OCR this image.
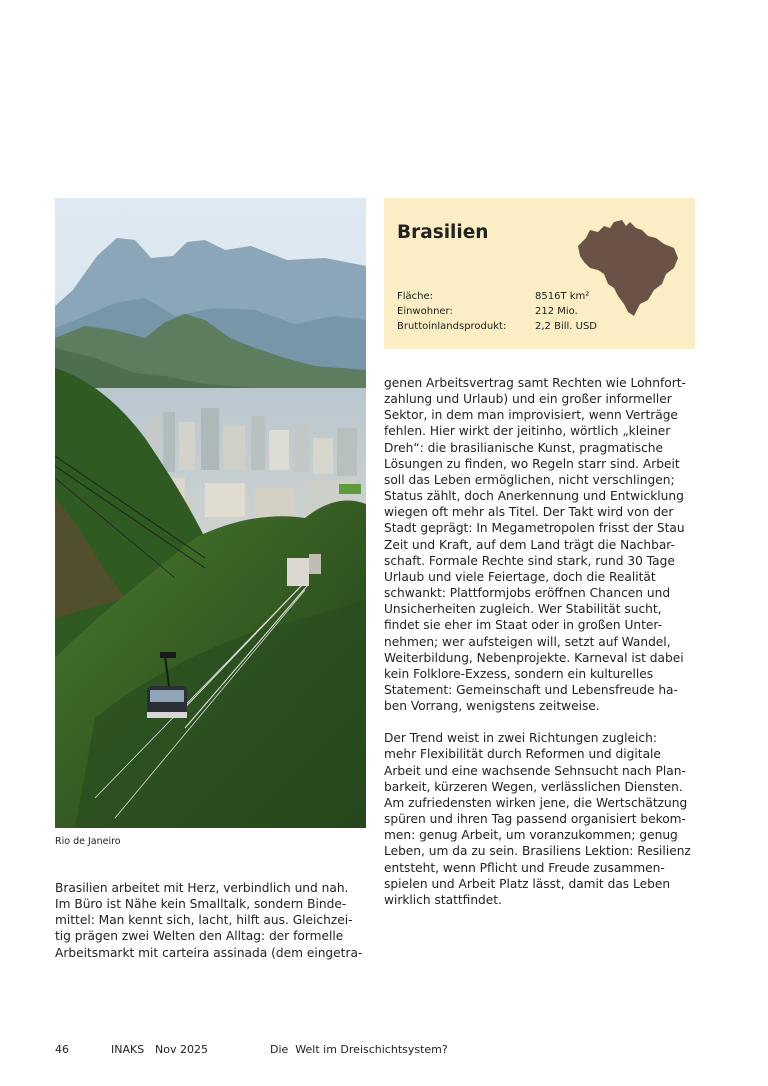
Rio de Janeiro
Brasilien
Fläche:	8516T km²
Einwohner:	212 Mio.
Bruttoinlandsprodukt:	2,2 Bill. USD
Brasilien arbeitet mit Herz, verbindlich und nah.
Im Büro ist Nähe kein Smalltalk, sondern Binde-
mittel: Man kennt sich, lacht, hilft aus. Gleichzei-
tig prägen zwei Welten den Alltag: der formelle
Arbeitsmarkt mit carteira assinada (dem eingetra-
genen Arbeitsvertrag samt Rechten wie Lohnfort-
zahlung und Urlaub) und ein großer informeller
Sektor, in dem man improvisiert, wenn Verträge
fehlen. Hier wirkt der jeitinho, wörtlich „kleiner
Dreh“: die brasilianische Kunst, pragmatische
Lösungen zu finden, wo Regeln starr sind. Arbeit
soll das Leben ermöglichen, nicht verschlingen;
Status zählt, doch Anerkennung und Entwicklung
wiegen oft mehr als Titel. Der Takt wird von der
Stadt geprägt: In Megametropolen frisst der Stau
Zeit und Kraft, auf dem Land trägt die Nachbar-
schaft. Formale Rechte sind stark, rund 30 Tage
Urlaub und viele Feiertage, doch die Realität
schwankt: Plattformjobs eröffnen Chancen und
Unsicherheiten zugleich. Wer Stabilität sucht,
findet sie eher im Staat oder in großen Unter-
nehmen; wer aufsteigen will, setzt auf Wandel,
Weiterbildung, Nebenprojekte. Karneval ist dabei
kein Folklore-Exzess, sondern ein kulturelles
Statement: Gemeinschaft und Lebensfreude ha-
ben Vorrang, wenigstens zeitweise.
Der Trend weist in zwei Richtungen zugleich:
mehr Flexibilität durch Reformen und digitale
Arbeit und eine wachsende Sehnsucht nach Plan-
barkeit, kürzeren Wegen, verlässlichen Diensten.
Am zufriedensten wirken jene, die Wertschätzung
spüren und ihren Tag passend organisiert bekom-
men: genug Arbeit, um voranzukommen; genug
Leben, um da zu sein. Brasiliens Lektion: Resilienz
entsteht, wenn Pflicht und Freude zusammen-
spielen und Arbeit Platz lässt, damit das Leben
wirklich stattfindet.
46	INAKS Nov 2025	Die  Welt im Dreischichtsystem?
